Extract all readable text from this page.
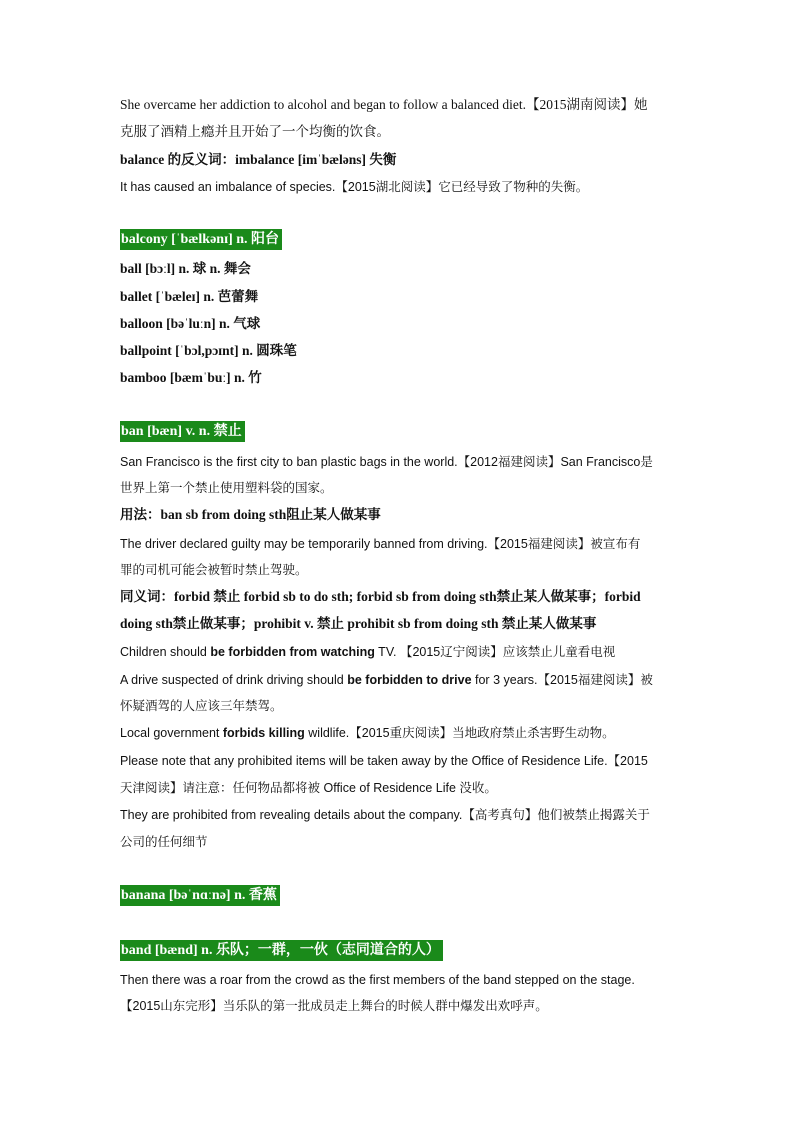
She overcame her addiction to alcohol and began to follow a balanced diet.【2015湖南阅读】她
克服了酒精上瘾并且开始了一个均衡的饮食。
balance 的反义词：imbalance [imˈbæləns] 失衡
It has caused an imbalance of species.【2015湖北阅读】它已经导致了物种的失衡。
balcony [ˈbælkənɪ] n. 阳台
ball [bɔːl] n. 球 n. 舞会
ballet [ˈbæleɪ] n. 芭蕾舞
balloon [bəˈluːn] n. 气球
ballpoint [ˈbɔl,pɔɪnt] n. 圆珠笔
bamboo [bæmˈbuː] n. 竹
ban [bæn] v. n. 禁止
San Francisco is the first city to ban plastic bags in the world.【2012福建阅读】San Francisco是
世界上第一个禁止使用塑料袋的国家。
用法：ban sb from doing sth阻止某人做某事
The driver declared guilty may be temporarily banned from driving.【2015福建阅读】被宣布有
罪的司机可能会被暂时禁止驾驶。
同义词：forbid 禁止 forbid sb to do sth; forbid sb from doing sth禁止某人做某事；forbid
doing sth禁止做某事；prohibit v. 禁止 prohibit sb from doing sth 禁止某人做某事
Children should be forbidden from watching TV. 【2015辽宁阅读】应该禁止儿童看电视
A drive suspected of drink driving should be forbidden to drive for 3 years.【2015福建阅读】被
怀疑酒驾的人应该三年禁驾。
Local government forbids killing wildlife.【2015重庆阅读】当地政府禁止杀害野生动物。
Please note that any prohibited items will be taken away by the Office of Residence Life.【2015
天津阅读】请注意：任何物品都将被 Office of Residence Life 没收。
They are prohibited from revealing details about the company.【高考真句】他们被禁止揭露关于
公司的任何细节
banana [bəˈnɑːnə] n. 香蕉
band [bænd] n. 乐队；一群，一伙（志同道合的人）
Then there was a roar from the crowd as the first members of the band stepped on the stage.
【2015山东完形】当乐队的第一批成员走上舞台的时候人群中爆发出欢呼声。
